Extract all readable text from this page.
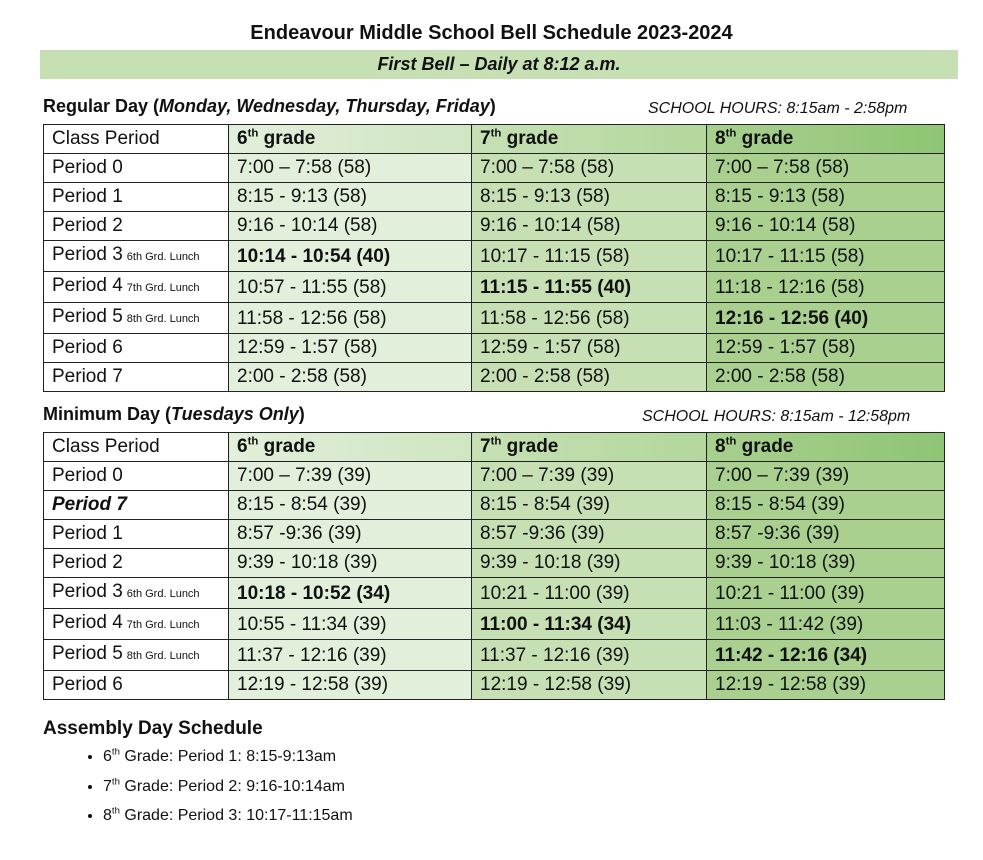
Endeavour Middle School Bell Schedule 2023-2024
First Bell – Daily at 8:12 a.m.
Regular Day (Monday, Wednesday, Thursday, Friday)	SCHOOL HOURS: 8:15am - 2:58pm
Class Period	6th grade	7th grade	8th grade
Period 0	7:00 – 7:58 (58)	7:00 – 7:58 (58)	7:00 – 7:58 (58)
Period 1	8:15 - 9:13 (58)	8:15 - 9:13 (58)	8:15 - 9:13 (58)
Period 2	9:16 - 10:14 (58)	9:16 - 10:14 (58)	9:16 - 10:14 (58)
Period 3 6th Grd. Lunch	10:14 - 10:54 (40)	10:17 - 11:15 (58)	10:17 - 11:15 (58)
Period 4 7th Grd. Lunch	10:57 - 11:55 (58)	11:15 - 11:55 (40)	11:18 - 12:16 (58)
Period 5 8th Grd. Lunch	11:58 - 12:56 (58)	11:58 - 12:56 (58)	12:16 - 12:56 (40)
Period 6	12:59 - 1:57 (58)	12:59 - 1:57 (58)	12:59 - 1:57 (58)
Period 7	2:00 - 2:58 (58)	2:00 - 2:58 (58)	2:00 - 2:58 (58)
Minimum Day (Tuesdays Only)	SCHOOL HOURS: 8:15am - 12:58pm
Class Period	6th grade	7th grade	8th grade
Period 0	7:00 – 7:39 (39)	7:00 – 7:39 (39)	7:00 – 7:39 (39)
Period 7	8:15 - 8:54 (39)	8:15 - 8:54 (39)	8:15 - 8:54 (39)
Period 1	8:57 -9:36 (39)	8:57 -9:36 (39)	8:57 -9:36 (39)
Period 2	9:39 - 10:18 (39)	9:39 - 10:18 (39)	9:39 - 10:18 (39)
Period 3 6th Grd. Lunch	10:18 - 10:52 (34)	10:21 - 11:00 (39)	10:21 - 11:00 (39)
Period 4 7th Grd. Lunch	10:55 - 11:34 (39)	11:00 - 11:34 (34)	11:03 - 11:42 (39)
Period 5 8th Grd. Lunch	11:37 - 12:16 (39)	11:37 - 12:16 (39)	11:42 - 12:16 (34)
Period 6	12:19 - 12:58 (39)	12:19 - 12:58 (39)	12:19 - 12:58 (39)
Assembly Day Schedule
• 6th Grade: Period 1: 8:15-9:13am
• 7th Grade: Period 2: 9:16-10:14am
• 8th Grade: Period 3: 10:17-11:15am
